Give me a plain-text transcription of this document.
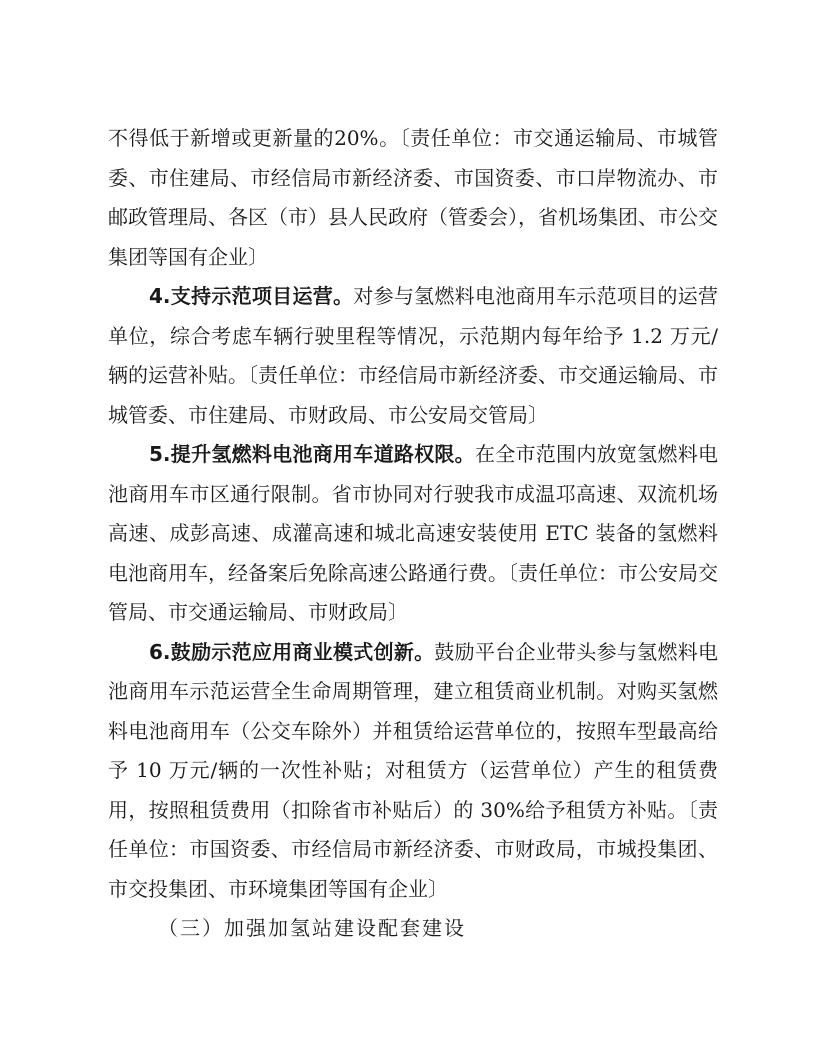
不得低于新增或更新量的20%。〔责任单位：市交通运输局、市城管委、市住建局、市经信局市新经济委、市国资委、市口岸物流办、市邮政管理局、各区（市）县人民政府（管委会），省机场集团、市公交集团等国有企业〕

4.支持示范项目运营。对参与氢燃料电池商用车示范项目的运营单位，综合考虑车辆行驶里程等情况，示范期内每年给予 1.2 万元/辆的运营补贴。〔责任单位：市经信局市新经济委、市交通运输局、市城管委、市住建局、市财政局、市公安局交管局〕

5.提升氢燃料电池商用车道路权限。在全市范围内放宽氢燃料电池商用车市区通行限制。省市协同对行驶我市成温邛高速、双流机场高速、成彭高速、成灌高速和城北高速安装使用 ETC 装备的氢燃料电池商用车，经备案后免除高速公路通行费。〔责任单位：市公安局交管局、市交通运输局、市财政局〕

6.鼓励示范应用商业模式创新。鼓励平台企业带头参与氢燃料电池商用车示范运营全生命周期管理，建立租赁商业机制。对购买氢燃料电池商用车（公交车除外）并租赁给运营单位的，按照车型最高给予 10 万元/辆的一次性补贴；对租赁方（运营单位）产生的租赁费用，按照租赁费用（扣除省市补贴后）的 30%给予租赁方补贴。〔责任单位：市国资委、市经信局市新经济委、市财政局，市城投集团、市交投集团、市环境集团等国有企业〕

（三）加强加氢站建设配套建设
